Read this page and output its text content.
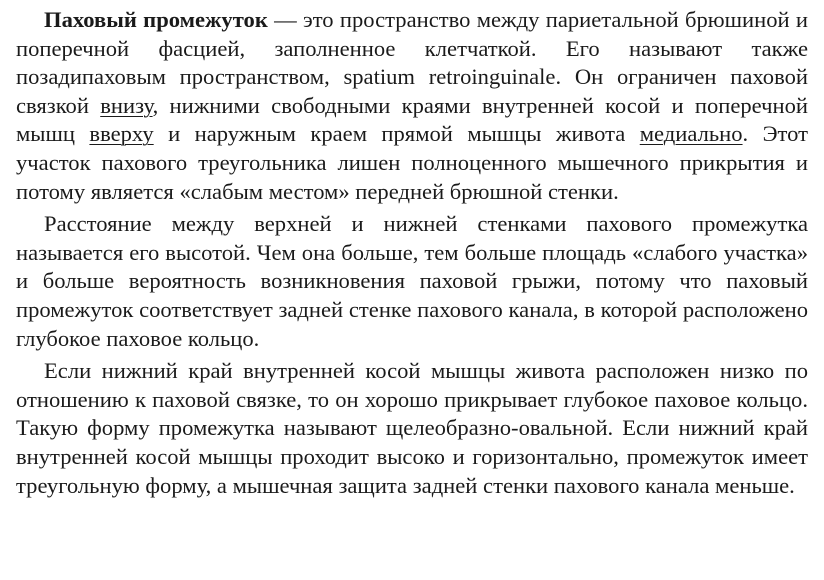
Паховый промежуток — это пространство между париетальной брюшиной и поперечной фасцией, заполненное клетчаткой. Его называют также позадипаховым пространством, spatium retroinguinale. Он ограничен паховой связкой внизу, нижними свободными краями внутренней косой и поперечной мышц вверху и наружным краем прямой мышцы живота медиально. Этот участок пахового треугольника лишен полноценного мышечного прикрытия и потому является «слабым местом» передней брюшной стенки.

Расстояние между верхней и нижней стенками пахового промежутка называется его высотой. Чем она больше, тем больше площадь «слабого участка» и больше вероятность возникновения паховой грыжи, потому что паховый промежуток соответствует задней стенке пахового канала, в которой расположено глубокое паховое кольцо.

Если нижний край внутренней косой мышцы живота расположен низко по отношению к паховой связке, то он хорошо прикрывает глубокое паховое кольцо. Такую форму промежутка называют щелеобразно-овальной. Если нижний край внутренней косой мышцы проходит высоко и горизонтально, промежуток имеет треугольную форму, а мышечная защита задней стенки пахового канала меньше.
